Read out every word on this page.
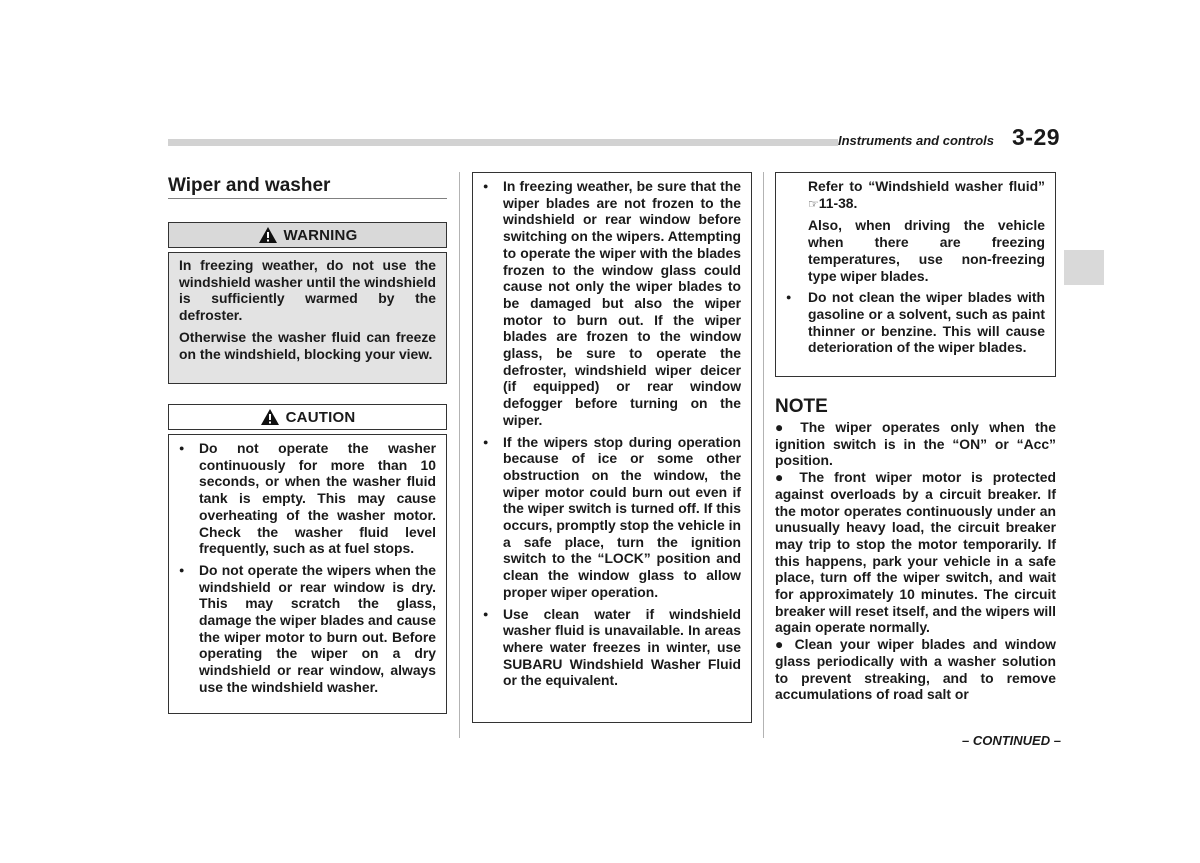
Instruments and controls 3-29
Wiper and washer
WARNING

In freezing weather, do not use the windshield washer until the windshield is sufficiently warmed by the defroster.

Otherwise the washer fluid can freeze on the windshield, blocking your view.

CAUTION
● Do not operate the washer continuously for more than 10 seconds, or when the washer fluid tank is empty. This may cause overheating of the washer motor. Check the washer fluid level frequently, such as at fuel stops.
● Do not operate the wipers when the windshield or rear window is dry. This may scratch the glass, damage the wiper blades and cause the wiper motor to burn out. Before operating the wiper on a dry windshield or rear window, always use the windshield washer.
● In freezing weather, be sure that the wiper blades are not frozen to the windshield or rear window before switching on the wipers. Attempting to operate the wiper with the blades frozen to the window glass could cause not only the wiper blades to be damaged but also the wiper motor to burn out. If the wiper blades are frozen to the window glass, be sure to operate the defroster, windshield wiper deicer (if equipped) or rear window defogger before turning on the wiper.
● If the wipers stop during operation because of ice or some other obstruction on the window, the wiper motor could burn out even if the wiper switch is turned off. If this occurs, promptly stop the vehicle in a safe place, turn the ignition switch to the “LOCK” position and clean the window glass to allow proper wiper operation.
● Use clean water if windshield washer fluid is unavailable. In areas where water freezes in winter, use SUBARU Windshield Washer Fluid or the equivalent.

Refer to “Windshield washer fluid” ☞11-38.

Also, when driving the vehicle when there are freezing temperatures, use non-freezing type wiper blades.

● Do not clean the wiper blades with gasoline or a solvent, such as paint thinner or benzine. This will cause deterioration of the wiper blades.
NOTE

● The wiper operates only when the ignition switch is in the “ON” or “Acc” position.

● The front wiper motor is protected against overloads by a circuit breaker. If the motor operates continuously under an unusually heavy load, the circuit breaker may trip to stop the motor temporarily. If this happens, park your vehicle in a safe place, turn off the wiper switch, and wait for approximately 10 minutes. The circuit breaker will reset itself, and the wipers will again operate normally.

● Clean your wiper blades and window glass periodically with a washer solution to prevent streaking, and to remove accumulations of road salt or

– CONTINUED –
